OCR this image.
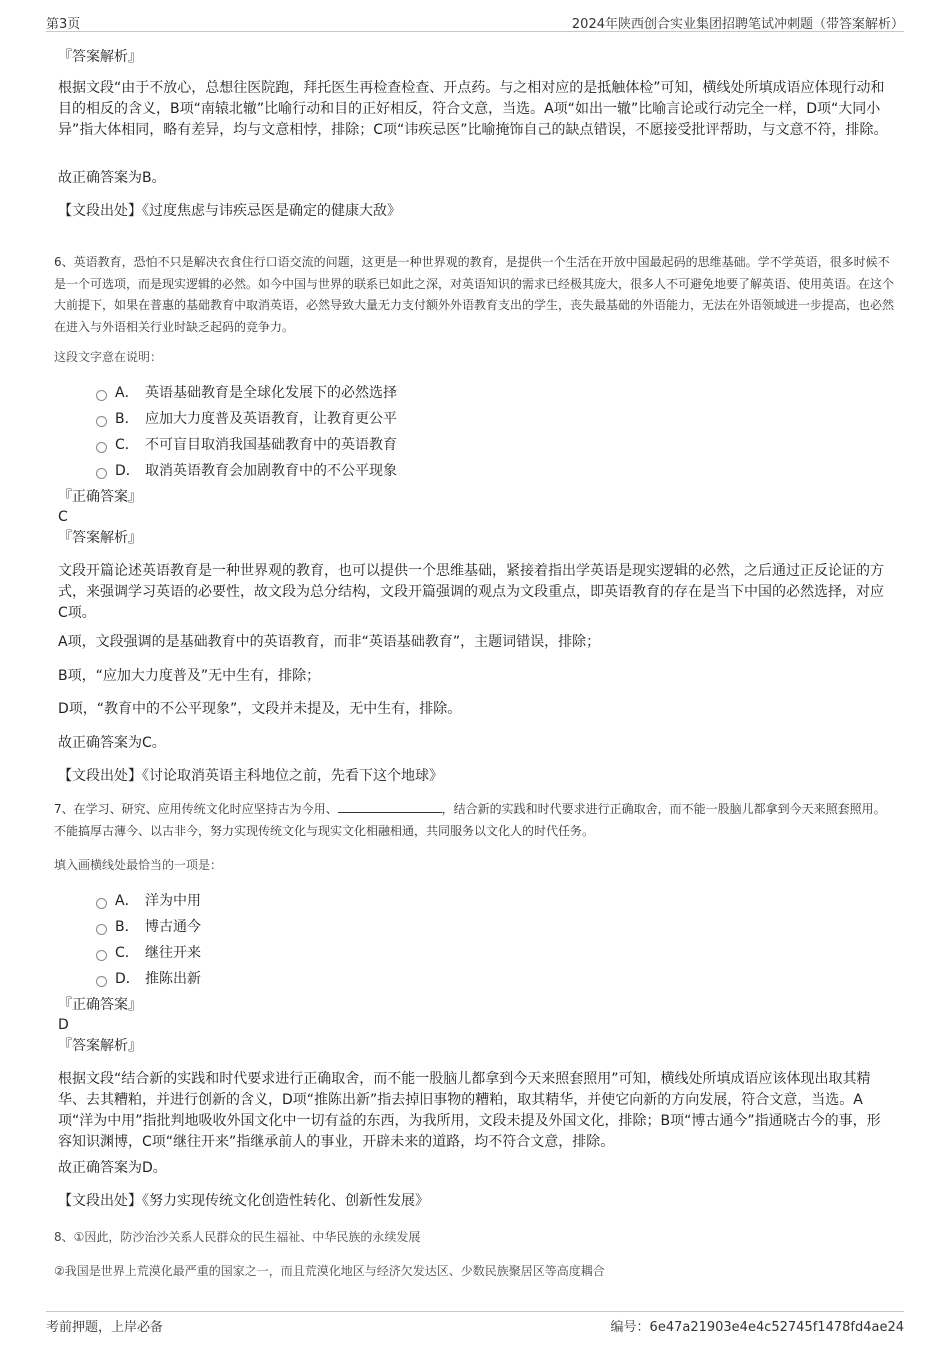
第3页	2024年陕西创合实业集团招聘笔试冲刺题（带答案解析）
『答案解析』
根据文段“由于不放心，总想往医院跑，拜托医生再检查检查、开点药。与之相对应的是抵触体检”可知，横线处所填成语应体现行动和目的相反的含义，B项“南辕北辙”比喻行动和目的正好相反，符合文意，当选。A项“如出一辙”比喻言论或行动完全一样，D项“大同小异”指大体相同，略有差异，均与文意相悖，排除；C项“讳疾忌医”比喻掩饰自己的缺点错误，不愿接受批评帮助，与文意不符，排除。
故正确答案为B。
【文段出处】《过度焦虑与讳疾忌医是确定的健康大敌》
6、英语教育，恐怕不只是解决衣食住行口语交流的问题，这更是一种世界观的教育，是提供一个生活在开放中国最起码的思维基础。学不学英语，很多时候不是一个可选项，而是现实逻辑的必然。如今中国与世界的联系已如此之深，对英语知识的需求已经极其庞大，很多人不可避免地要了解英语、使用英语。在这个大前提下，如果在普惠的基础教育中取消英语，必然导致大量无力支付额外外语教育支出的学生，丧失最基础的外语能力，无法在外语领域进一步提高，也必然在进入与外语相关行业时缺乏起码的竞争力。
这段文字意在说明：
A． 英语基础教育是全球化发展下的必然选择
B． 应加大力度普及英语教育，让教育更公平
C． 不可盲目取消我国基础教育中的英语教育
D． 取消英语教育会加剧教育中的不公平现象
『正确答案』
C
『答案解析』
文段开篇论述英语教育是一种世界观的教育，也可以提供一个思维基础，紧接着指出学英语是现实逻辑的必然，之后通过正反论证的方式，来强调学习英语的必要性，故文段为总分结构，文段开篇强调的观点为文段重点，即英语教育的存在是当下中国的必然选择，对应C项。
A项，文段强调的是基础教育中的英语教育，而非“英语基础教育”，主题词错误，排除；
B项，“应加大力度普及”无中生有，排除；
D项，“教育中的不公平现象”，文段并未提及，无中生有，排除。
故正确答案为C。
【文段出处】《讨论取消英语主科地位之前，先看下这个地球》
7、在学习、研究、应用传统文化时应坚持古为今用、	，结合新的实践和时代要求进行正确取舍，而不能一股脑儿都拿到今天来照套照用。不能搞厚古薄今、以古非今，努力实现传统文化与现实文化相融相通，共同服务以文化人的时代任务。
填入画横线处最恰当的一项是：
A． 洋为中用
B． 博古通今
C． 继往开来
D． 推陈出新
『正确答案』
D
『答案解析』
根据文段“结合新的实践和时代要求进行正确取舍，而不能一股脑儿都拿到今天来照套照用”可知，横线处所填成语应该体现出取其精华、去其糟粕，并进行创新的含义，D项“推陈出新”指去掉旧事物的糟粕，取其精华，并使它向新的方向发展，符合文意，当选。A项“洋为中用”指批判地吸收外国文化中一切有益的东西，为我所用，文段未提及外国文化，排除；B项“博古通今”指通晓古今的事，形容知识渊博，C项“继往开来”指继承前人的事业，开辟未来的道路，均不符合文意，排除。
故正确答案为D。
【文段出处】《努力实现传统文化创造性转化、创新性发展》
8、①因此，防沙治沙关系人民群众的民生福祉、中华民族的永续发展
②我国是世界上荒漠化最严重的国家之一，而且荒漠化地区与经济欠发达区、少数民族聚居区等高度耦合
考前押题，上岸必备	编号：6e47a21903e4e4c52745f1478fd4ae24
